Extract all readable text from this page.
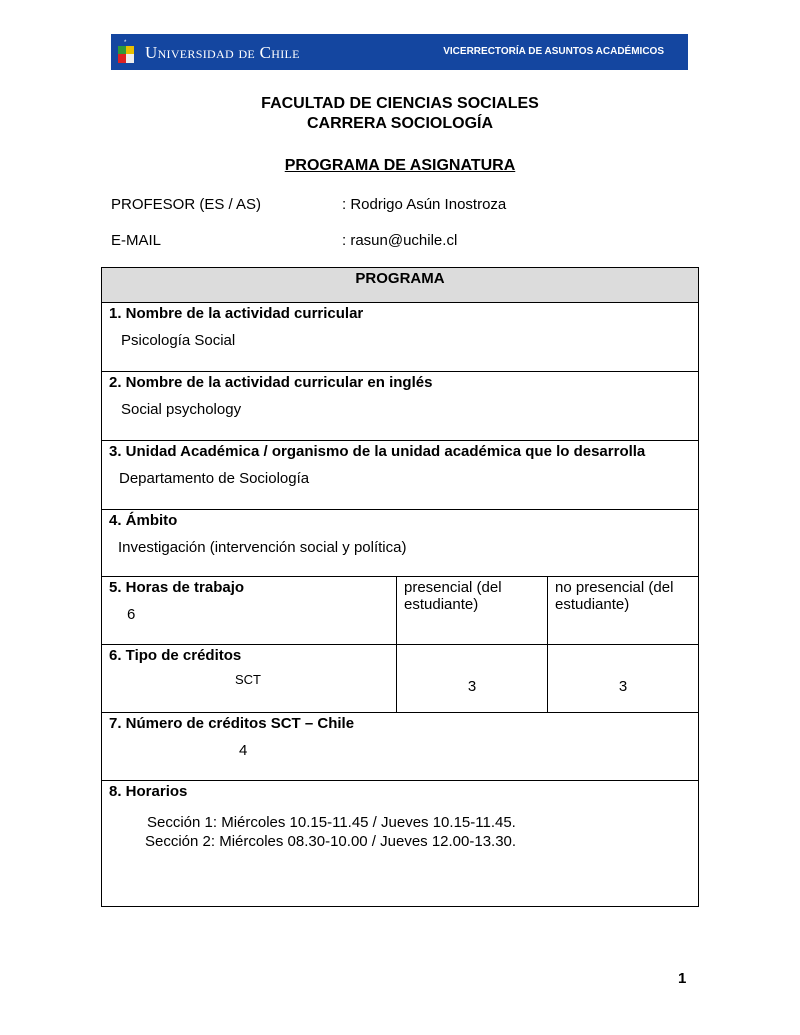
* Universidad de Chile	VICERRECTORÍA DE ASUNTOS ACADÉMICOS
FACULTAD DE CIENCIAS SOCIALES
CARRERA SOCIOLOGÍA
PROGRAMA DE ASIGNATURA
PROFESOR (ES / AS)	: Rodrigo Asún Inostroza
E-MAIL	: rasun@uchile.cl
PROGRAMA		

1. Nombre de la actividad curricular
Psicología Social		

2. Nombre de la actividad curricular en inglés
Social psychology		

3. Unidad Académica / organismo de la unidad académica que lo desarrolla
Departamento de Sociología		

4. Ámbito
Investigación (intervención social y política)		

5. Horas de trabajo
6	presencial (del estudiante)	no presencial (del estudiante)

6. Tipo de créditos
SCT	3	3

7. Número de créditos SCT – Chile
4		

8. Horarios
Sección 1: Miércoles 10.15-11.45 / Jueves 10.15-11.45.
Sección 2: Miércoles 08.30-10.00 / Jueves 12.00-13.30.		
1
